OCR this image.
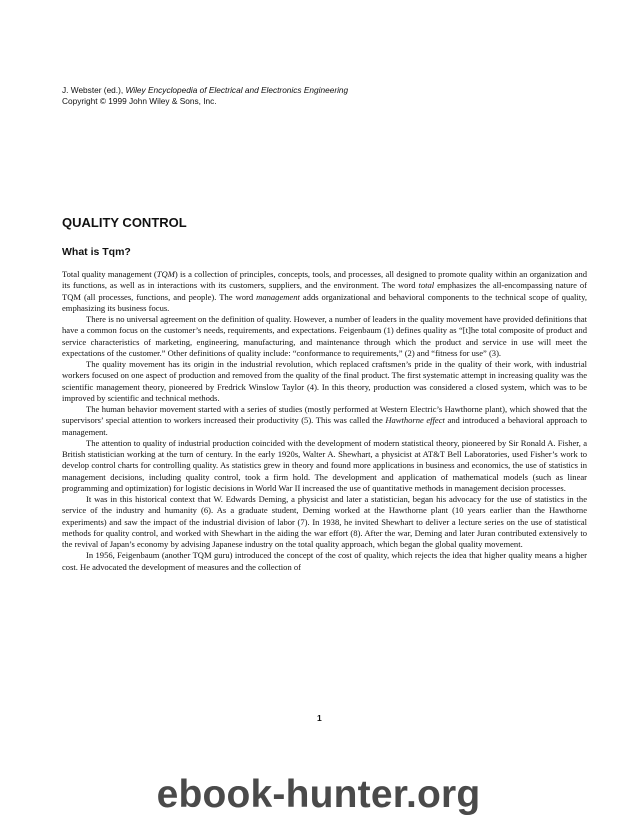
J. Webster (ed.), Wiley Encyclopedia of Electrical and Electronics Engineering
Copyright © 1999 John Wiley & Sons, Inc.
QUALITY CONTROL
What is Tqm?

Total quality management (TQM) is a collection of principles, concepts, tools, and processes, all designed to promote quality within an organization and its functions, as well as in interactions with its customers, suppliers, and the environment. The word total emphasizes the all-encompassing nature of TQM (all processes, functions, and people). The word management adds organizational and behavioral components to the technical scope of quality, emphasizing its business focus.

There is no universal agreement on the definition of quality. However, a number of leaders in the quality movement have provided definitions that have a common focus on the customer’s needs, requirements, and expectations. Feigenbaum (1) defines quality as “[t]he total composite of product and service characteristics of marketing, engineering, manufacturing, and maintenance through which the product and service in use will meet the expectations of the customer.” Other definitions of quality include: “conformance to requirements,” (2) and “fitness for use” (3).

The quality movement has its origin in the industrial revolution, which replaced craftsmen’s pride in the quality of their work, with industrial workers focused on one aspect of production and removed from the quality of the final product. The first systematic attempt in increasing quality was the scientific management theory, pioneered by Fredrick Winslow Taylor (4). In this theory, production was considered a closed system, which was to be improved by scientific and technical methods.

The human behavior movement started with a series of studies (mostly performed at Western Electric’s Hawthorne plant), which showed that the supervisors’ special attention to workers increased their productivity (5). This was called the Hawthorne effect and introduced a behavioral approach to management.

The attention to quality of industrial production coincided with the development of modern statistical theory, pioneered by Sir Ronald A. Fisher, a British statistician working at the turn of century. In the early 1920s, Walter A. Shewhart, a physicist at AT&T Bell Laboratories, used Fisher’s work to develop control charts for controlling quality. As statistics grew in theory and found more applications in business and economics, the use of statistics in management decisions, including quality control, took a firm hold. The development and application of mathematical models (such as linear programming and optimization) for logistic decisions in World War II increased the use of quantitative methods in management decision processes.

It was in this historical context that W. Edwards Deming, a physicist and later a statistician, began his advocacy for the use of statistics in the service of the industry and humanity (6). As a graduate student, Deming worked at the Hawthorne plant (10 years earlier than the Hawthorne experiments) and saw the impact of the industrial division of labor (7). In 1938, he invited Shewhart to deliver a lecture series on the use of statistical methods for quality control, and worked with Shewhart in the aiding the war effort (8). After the war, Deming and later Juran contributed extensively to the revival of Japan’s economy by advising Japanese industry on the total quality approach, which began the global quality movement.

In 1956, Feigenbaum (another TQM guru) introduced the concept of the cost of quality, which rejects the idea that higher quality means a higher cost. He advocated the development of measures and the collection of

1
ebook-hunter.org
